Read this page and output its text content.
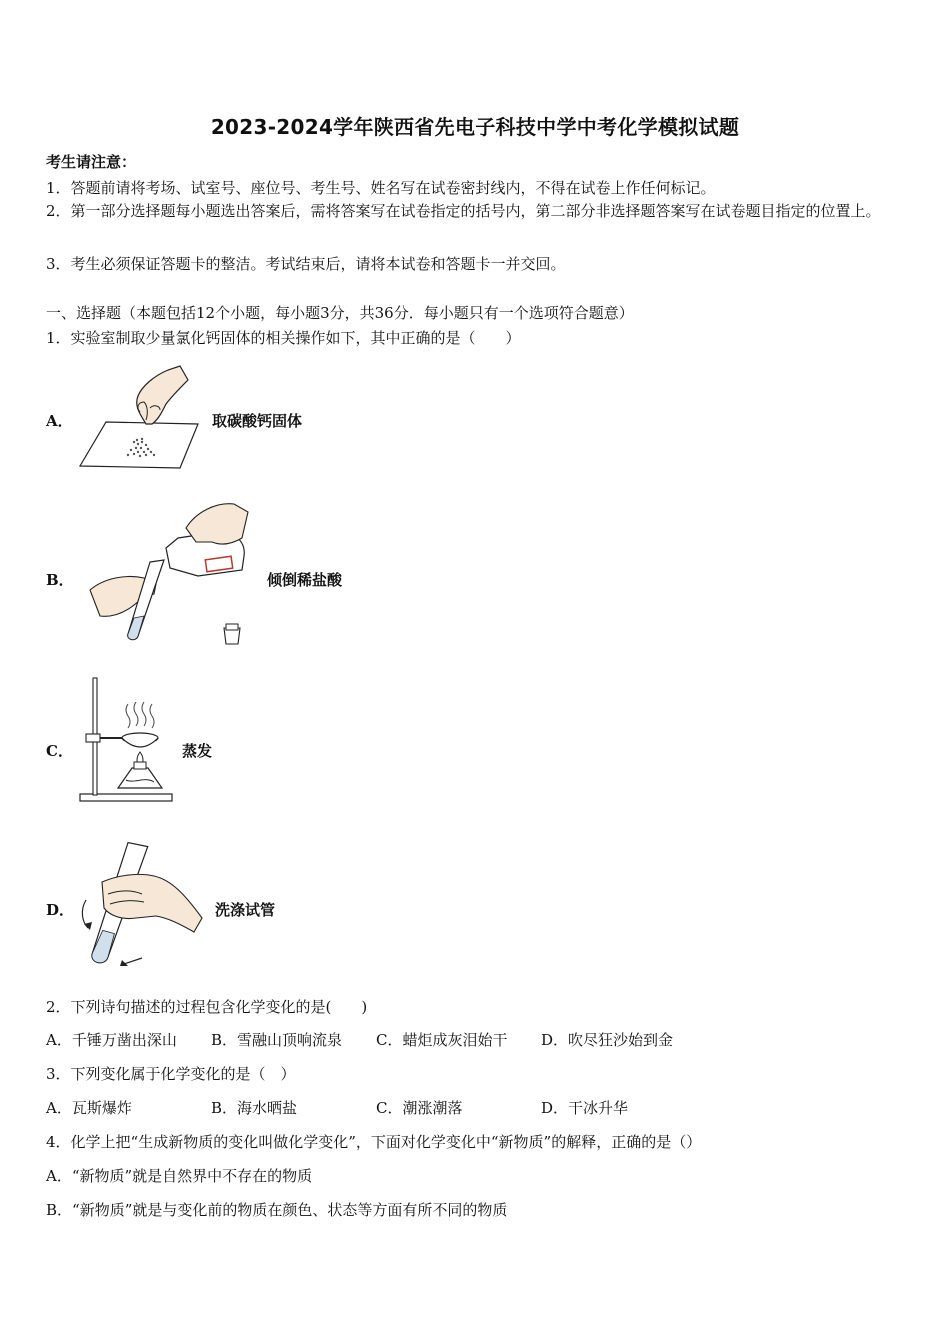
2023-2024学年陕西省先电子科技中学中考化学模拟试题
考生请注意：
1．答题前请将考场、试室号、座位号、考生号、姓名写在试卷密封线内，不得在试卷上作任何标记。
2．第一部分选择题每小题选出答案后，需将答案写在试卷指定的括号内，第二部分非选择题答案写在试卷题目指定的位置上。
3．考生必须保证答题卡的整洁。考试结束后，请将本试卷和答题卡一并交回。
一、选择题（本题包括12个小题，每小题3分，共36分．每小题只有一个选项符合题意）
1．实验室制取少量氯化钙固体的相关操作如下，其中正确的是（　　）
A．	取碳酸钙固体
B．	倾倒稀盐酸
C．	蒸发
D．	洗涤试管
2．下列诗句描述的过程包含化学变化的是(　　)
A．千锤万凿出深山 B．雪融山顶响流泉 C．蜡炬成灰泪始干 D．吹尽狂沙始到金
3．下列变化属于化学变化的是（　）
A．瓦斯爆炸	B．海水晒盐	C．潮涨潮落	D．干冰升华
4．化学上把“生成新物质的变化叫做化学变化”，下面对化学变化中“新物质”的解释，正确的是（）
A．“新物质”就是自然界中不存在的物质
B．“新物质”就是与变化前的物质在颜色、状态等方面有所不同的物质
